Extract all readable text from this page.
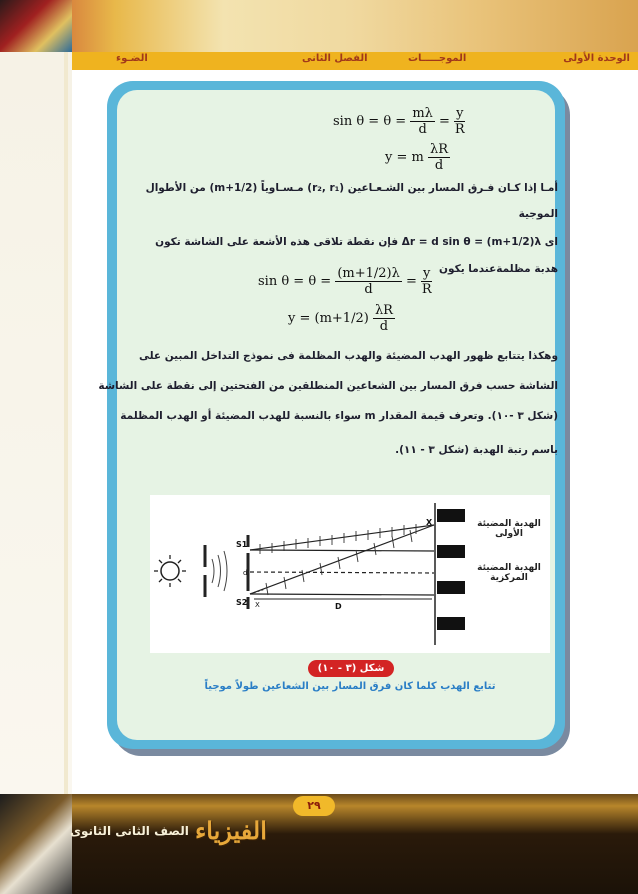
الوحدة الأولى
الموجـــــات
الفصل الثانى
الضـوء
$\sin \theta = \theta = \frac{m\lambda}{d} = \frac{y}{R}$
y = m $\frac{\lambda R}{d}$
أمـا إذا كـان فـرق المسار بين الشـعـاعين (r₂, r₁) مـسـاوياً (m+1/2) من الأطوال
الموجية
اى Δr = d sin θ = (m+1/2)λ فإن نقطة تلاقى هذه الأشعة على الشاشة تكون
هدبة مظلمةعندما يكون
$\sin \theta = \theta = \frac{(m+1/2)\lambda}{d} = \frac{y}{R}$
$y = (m+1/2) \frac{\lambda R}{d}$
وهكذا يتتابع ظهور الهدب المضيئة والهدب المظلمة فى نموذج التداخل المبين على
الشاشة حسب فرق المسار بين الشعاعين المنطلقين من الفتحتين إلى نقطة على الشاشة
(شكل ٣ -١٠). وتعرف قيمة المقدار m سواء بالنسبة للهدب المضيئة أو الهدب المظلمة
باسم رتبة الهدبة (شكل ٣ - ١١).
S1
S2
d
X	D
X	الهدبة المضيئة
الأولى
الهدبة المضيئة
المركزية
شكل (٣ - ١٠)
تتابع الهدب كلما كان فرق المسار بين الشعاعين طولاً موجياً
٢٩
الفيزياء
الصف الثانى الثانوى
